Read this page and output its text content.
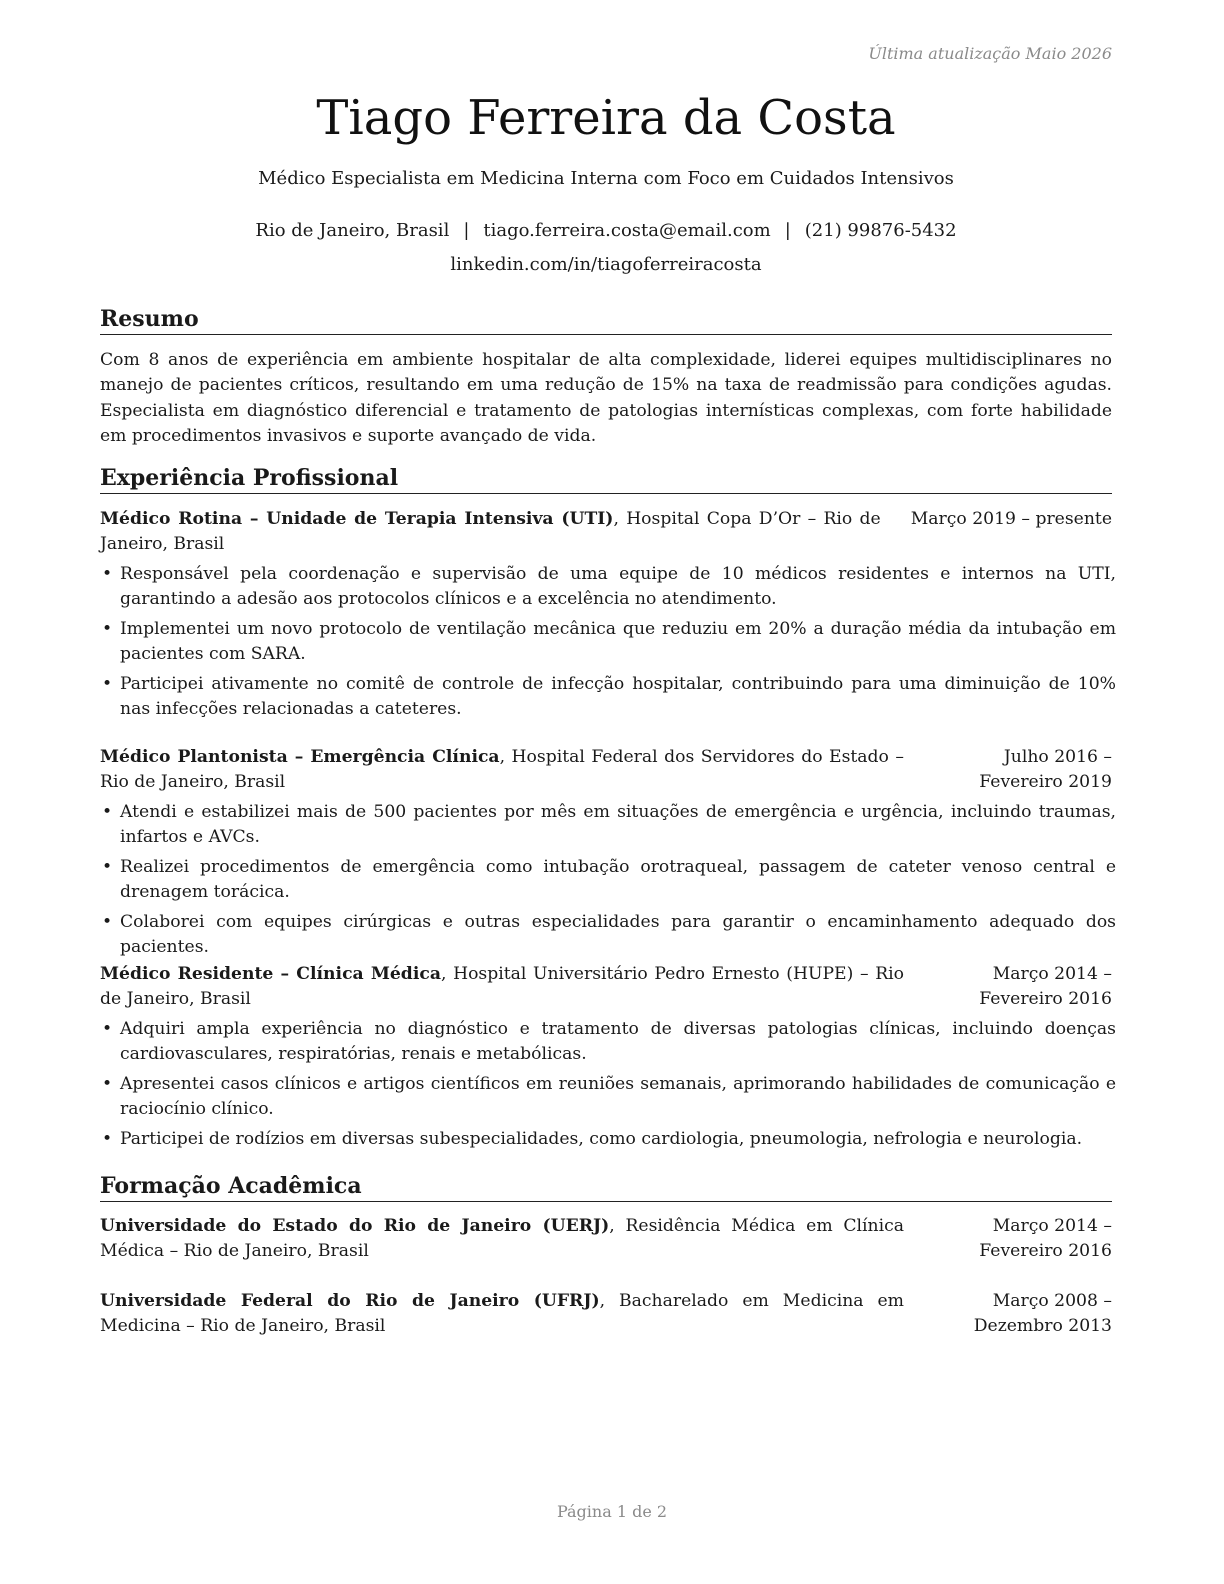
Última atualização Maio 2026
Tiago Ferreira da Costa
Médico Especialista em Medicina Interna com Foco em Cuidados Intensivos
Rio de Janeiro, Brasil | tiago.ferreira.costa@email.com | (21) 99876-5432
linkedin.com/in/tiagoferreiracosta
Resumo
Com 8 anos de experiência em ambiente hospitalar de alta complexidade, liderei equipes multidisciplinares no manejo de pacientes críticos, resultando em uma redução de 15% na taxa de readmissão para condições agudas. Especialista em diagnóstico diferencial e tratamento de patologias internísticas complexas, com forte habilidade em procedimentos invasivos e suporte avançado de vida.
Experiência Profissional
Médico Rotina – Unidade de Terapia Intensiva (UTI), Hospital Copa D’Or – Rio de Janeiro, Brasil
Março 2019 – presente
• Responsável pela coordenação e supervisão de uma equipe de 10 médicos residentes e internos na UTI, garantindo a adesão aos protocolos clínicos e a excelência no atendimento.
• Implementei um novo protocolo de ventilação mecânica que reduziu em 20% a duração média da intubação em pacientes com SARA.
• Participei ativamente no comitê de controle de infecção hospitalar, contribuindo para uma diminuição de 10% nas infecções relacionadas a cateteres.
Médico Plantonista – Emergência Clínica, Hospital Federal dos Servidores do Estado – Rio de Janeiro, Brasil
Julho 2016 – Fevereiro 2019
• Atendi e estabilizei mais de 500 pacientes por mês em situações de emergência e urgência, incluindo traumas, infartos e AVCs.
• Realizei procedimentos de emergência como intubação orotraqueal, passagem de cateter venoso central e drenagem torácica.
• Colaborei com equipes cirúrgicas e outras especialidades para garantir o encaminhamento adequado dos pacientes.
Médico Residente – Clínica Médica, Hospital Universitário Pedro Ernesto (HUPE) – Rio de Janeiro, Brasil
Março 2014 – Fevereiro 2016
• Adquiri ampla experiência no diagnóstico e tratamento de diversas patologias clínicas, incluindo doenças cardiovasculares, respiratórias, renais e metabólicas.
• Apresentei casos clínicos e artigos científicos em reuniões semanais, aprimorando habilidades de comunicação e raciocínio clínico.
• Participei de rodízios em diversas subespecialidades, como cardiologia, pneumologia, nefrologia e neurologia.
Formação Acadêmica
Universidade do Estado do Rio de Janeiro (UERJ), Residência Médica em Clínica Médica – Rio de Janeiro, Brasil
Março 2014 – Fevereiro 2016
Universidade Federal do Rio de Janeiro (UFRJ), Bacharelado em Medicina em Medicina – Rio de Janeiro, Brasil
Março 2008 – Dezembro 2013
Página 1 de 2
